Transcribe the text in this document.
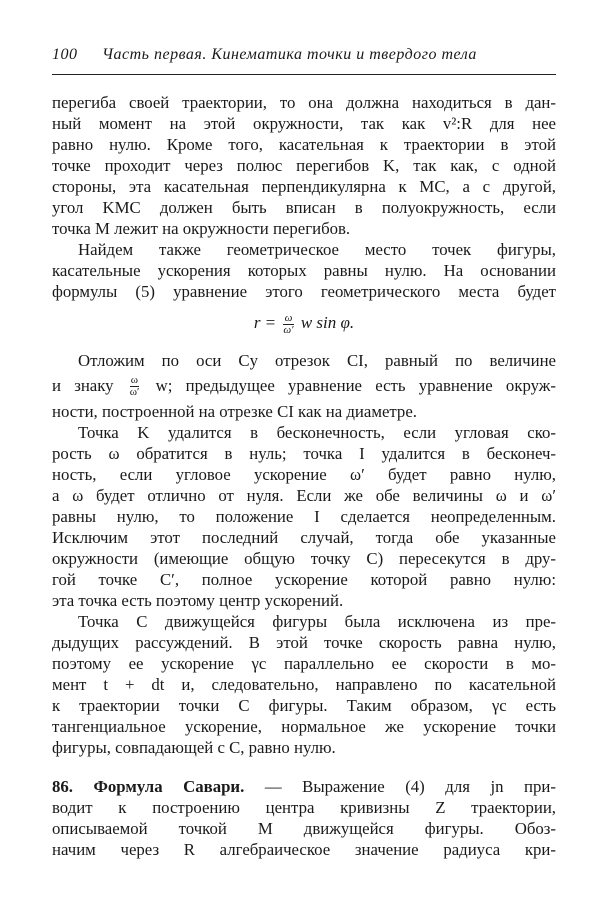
100 Часть первая. Кинематика точки и твердого тела
перегиба своей траектории, то она должна находиться в дан-
ный момент на этой окружности, так как v²:R для нее
равно нулю. Кроме того, касательная к траектории в этой
точке проходит через полюс перегибов K, так как, с одной
стороны, эта касательная перпендикулярна к MC, а с другой,
угол KMC должен быть вписан в полуокружность, если
точка M лежит на окружности перегибов.
Найдем также геометрическое место точек фигуры,
касательные ускорения которых равны нулю. На основании
формулы (5) уравнение этого геометрического места будет
$r = \frac{\omega}{\omega'}$ w sin φ.
Отложим по оси Cy отрезок CI, равный по величине
и знаку $\frac{\omega}{\omega'} w$; предыдущее уравнение есть уравнение окруж-
ности, построенной на отрезке CI как на диаметре.
Точка K удалится в бесконечность, если угловая ско-
рость ω обратится в нуль; точка I удалится в бесконеч-
ность, если угловое ускорение ω′ будет равно нулю,
а ω будет отлично от нуля. Если же обе величины ω и ω′
равны нулю, то положение I сделается неопределенным.
Исключим этот последний случай, тогда обе указанные
окружности (имеющие общую точку C) пересекутся в дру-
гой точке C′, полное ускорение которой равно нулю:
эта точка есть поэтому центр ускорений.
Точка C движущейся фигуры была исключена из пре-
дыдущих рассуждений. В этой точке скорость равна нулю,
поэтому ее ускорение γc параллельно ее скорости в мо-
мент t + dt и, следовательно, направлено по касательной
к траектории точки C фигуры. Таким образом, γc есть
тангенциальное ускорение, нормальное же ускорение точки
фигуры, совпадающей с C, равно нулю.
86. Формула Савари. — Выражение (4) для jn при-
водит к построению центра кривизны Z траектории,
описываемой точкой M движущейся фигуры. Обоз-
начим через R алгебраическое значение радиуса кри-
